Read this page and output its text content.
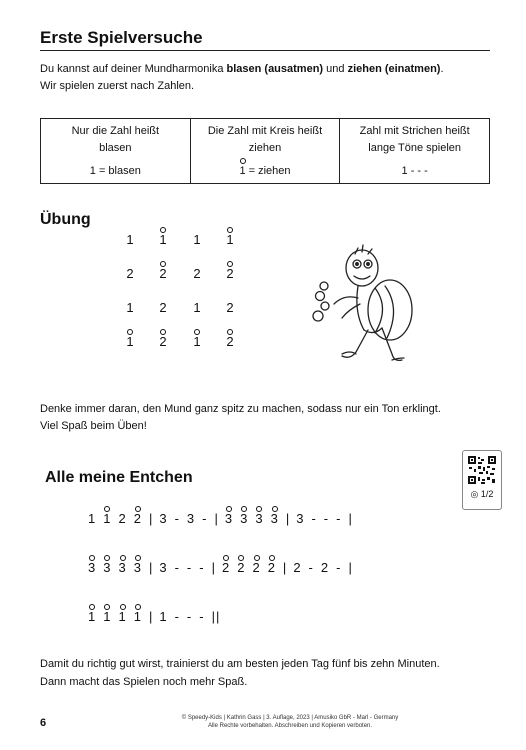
Erste Spielversuche
Du kannst auf deiner Mundharmonika blasen (ausatmen) und ziehen (einatmen).
Wir spielen zuerst nach Zahlen.
Nur die Zahl heißt
blasen
1 = blasen

Die Zahl mit Kreis heißt
ziehen
1 = ziehen

Zahl mit Strichen heißt
lange Töne spielen
1 - - -
Übung
1	1	1	1
2	2	2	2
1	2	1	2
1	2	1	2
Denke immer daran, den Mund ganz spitz zu machen, sodass nur ein Ton erklingt.
Viel Spaß beim Üben!
Alle meine Entchen
◎ 1/2
1 1 2 2 | 3 - 3 - | 3 3 3 3 | 3 - - - |
3 3 3 3 | 3 - - - | 2 2 2 2 | 2 - 2 - |
1 1 1 1 | 1 - - - ||
Damit du richtig gut wirst, trainierst du am besten jeden Tag fünf bis zehn Minuten.
Dann macht das Spielen noch mehr Spaß.
6	© Speedy-Kids | Kathrin Gass | 3. Auflage, 2023 | Amusiko GbR - Marl - Germany
Alle Rechte vorbehalten. Abschreiben und Kopieren verboten.
